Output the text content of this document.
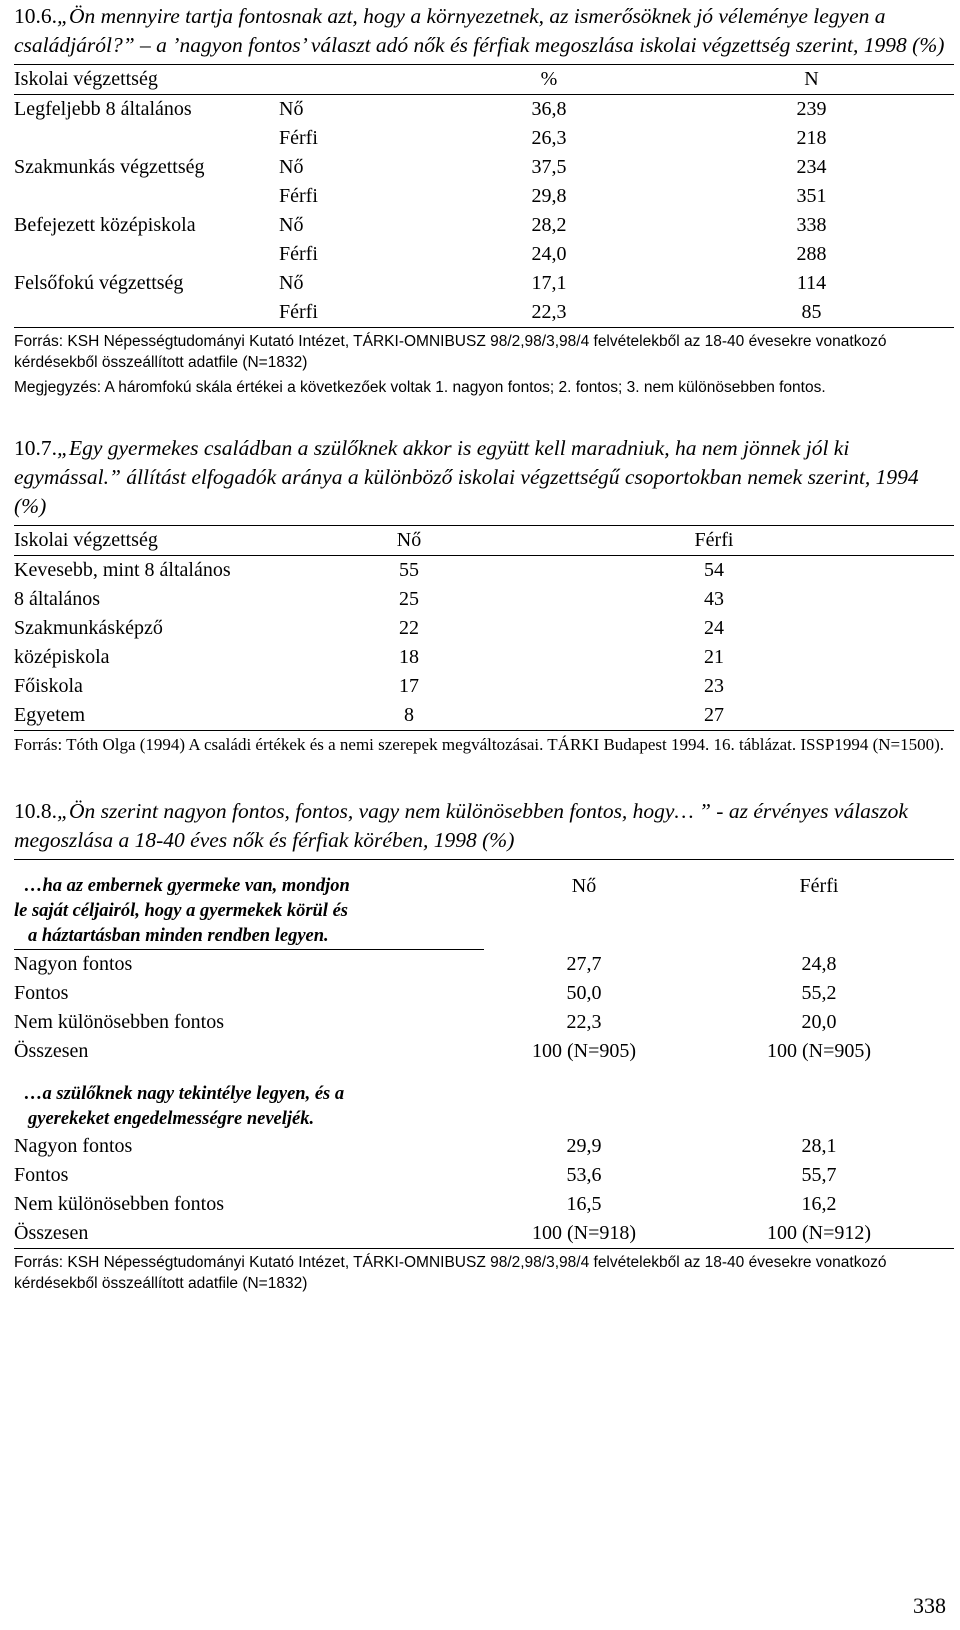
10.6.„Ön mennyire tartja fontosnak azt, hogy a környezetnek, az ismerősöknek jó véleménye legyen a családjáról?” – a ’nagyon fontos’ választ adó nők és férfiak megoszlása iskolai végzettség szerint, 1998 (%)

Iskolai végzettség		%	N
Legfeljebb 8 általános	Nő	36,8	239
	Férfi	26,3	218
Szakmunkás végzettség	Nő	37,5	234
	Férfi	29,8	351
Befejezett középiskola	Nő	28,2	338
	Férfi	24,0	288
Felsőfokú végzettség	Nő	17,1	114
	Férfi	22,3	85

Forrás: KSH Népességtudományi Kutató Intézet, TÁRKI-OMNIBUSZ 98/2,98/3,98/4 felvételekből az 18-40 évesekre vonatkozó kérdésekből összeállított adatfile (N=1832)

Megjegyzés: A háromfokú skála értékei a következőek voltak 1. nagyon fontos; 2. fontos; 3. nem különösebben fontos.

10.7.„Egy gyermekes családban a szülőknek akkor is együtt kell maradniuk, ha nem jönnek jól ki egymással.” állítást elfogadók aránya a különböző iskolai végzettségű csoportokban nemek szerint, 1994 (%)

Iskolai végzettség	Nő	Férfi
Kevesebb, mint 8 általános	55	54
8 általános	25	43
Szakmunkásképző	22	24
középiskola	18	21
Főiskola	17	23
Egyetem	8	27

Forrás: Tóth Olga (1994) A családi értékek és a nemi szerepek megváltozásai. TÁRKI Budapest 1994. 16. táblázat. ISSP1994 (N=1500).

10.8.„Ön szerint nagyon fontos, fontos, vagy nem különösebben fontos, hogy… ” - az érvényes válaszok megoszlása a 18-40 éves nők és férfiak körében, 1998 (%)

…ha az embernek gyermeke van, mondjon
le saját céljairól, hogy a gyermekek körül és
a háztartásban minden rendben legyen.
	Nő	Férfi
Nagyon fontos	27,7	24,8
Fontos	50,0	55,2
Nem különösebben fontos	22,3	20,0
Összesen	100 (N=905)	100 (N=905)
…a szülőknek nagy tekintélye legyen, és a
gyerekeket engedelmességre neveljék.

Nagyon fontos	29,9	28,1
Fontos	53,6	55,7
Nem különösebben fontos	16,5	16,2
Összesen	100 (N=918)	100 (N=912)

Forrás: KSH Népességtudományi Kutató Intézet, TÁRKI-OMNIBUSZ 98/2,98/3,98/4 felvételekből az 18-40 évesekre vonatkozó kérdésekből összeállított adatfile (N=1832)

338
